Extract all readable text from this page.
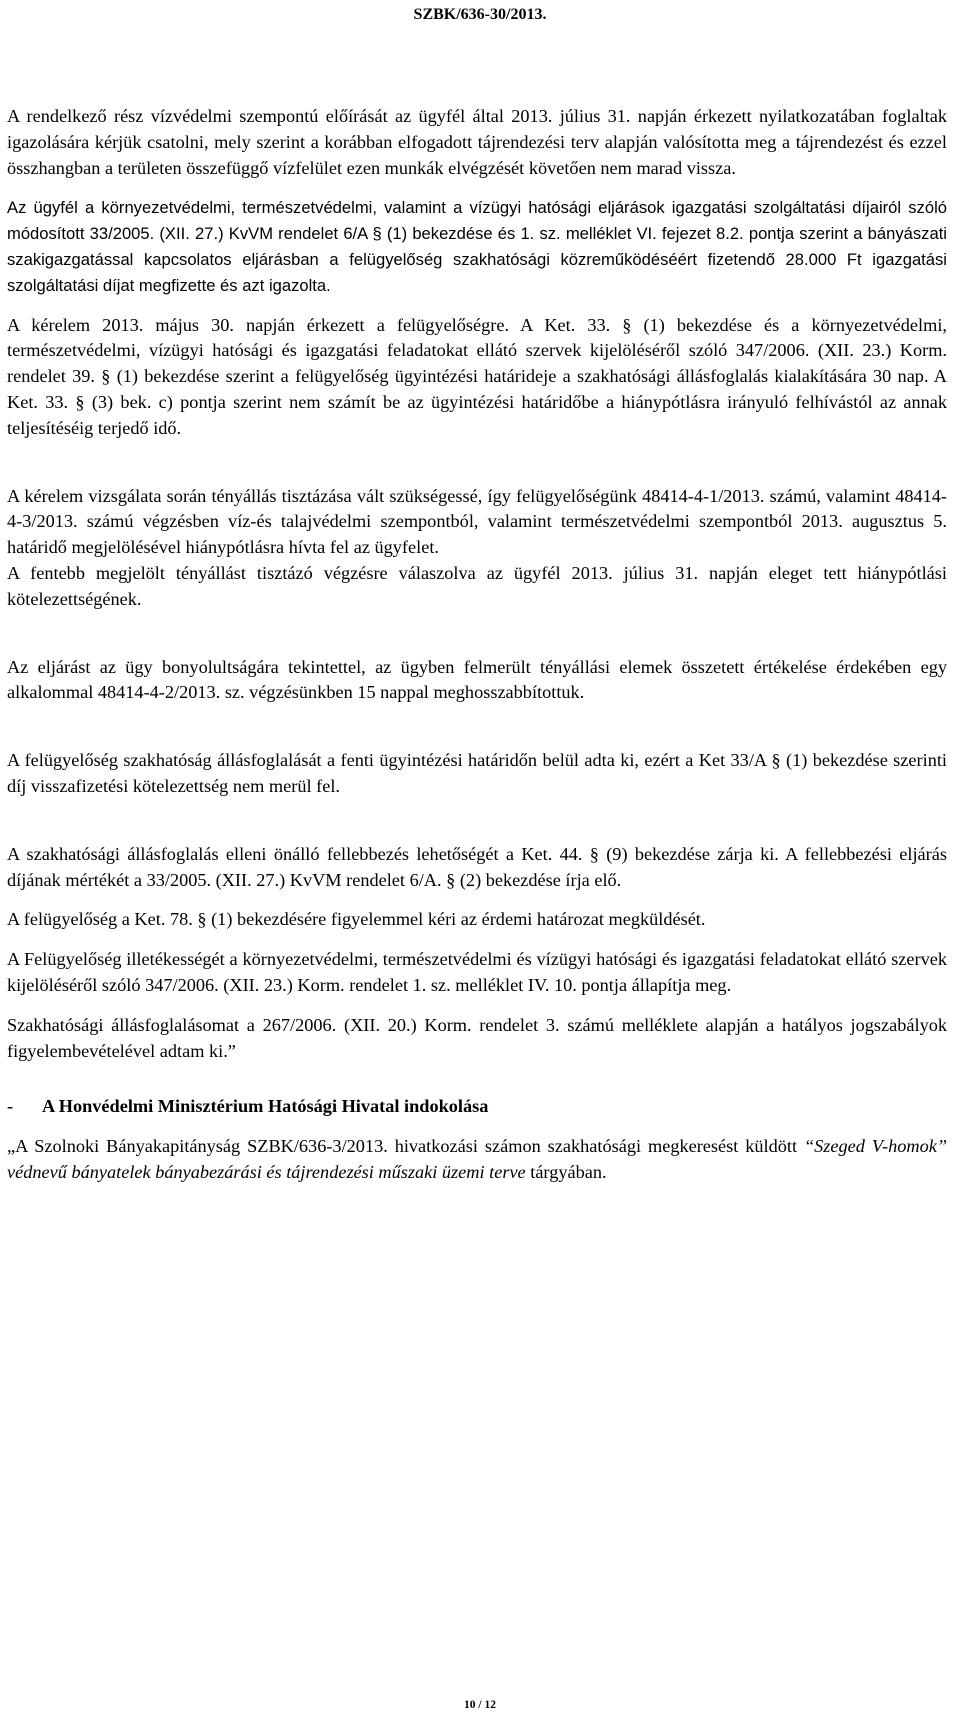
SZBK/636-30/2013.

A rendelkező rész vízvédelmi szempontú előírását az ügyfél által 2013. július 31. napján érkezett nyilatkozatában foglaltak igazolására kérjük csatolni, mely szerint a korábban elfogadott tájrendezési terv alapján valósította meg a tájrendezést és ezzel összhangban a területen összefüggő vízfelület ezen munkák elvégzését követően nem marad vissza.

Az ügyfél a környezetvédelmi, természetvédelmi, valamint a vízügyi hatósági eljárások igazgatási szolgáltatási díjairól szóló módosított 33/2005. (XII. 27.) KvVM rendelet 6/A § (1) bekezdése és 1. sz. melléklet VI. fejezet 8.2. pontja szerint a bányászati szakigazgatással kapcsolatos eljárásban a felügyelőség szakhatósági közreműködéséért fizetendő 28.000 Ft igazgatási szolgáltatási díjat megfizette és azt igazolta.

A kérelem 2013. május 30. napján érkezett a felügyelőségre. A Ket. 33. § (1) bekezdése és a környezetvédelmi, természetvédelmi, vízügyi hatósági és igazgatási feladatokat ellátó szervek kijelöléséről szóló 347/2006. (XII. 23.) Korm. rendelet 39. § (1) bekezdése szerint a felügyelőség ügyintézési határideje a szakhatósági állásfoglalás kialakítására 30 nap. A Ket. 33. § (3) bek. c) pontja szerint nem számít be az ügyintézési határidőbe a hiánypótlásra irányuló felhívástól az annak teljesítéséig terjedő idő.

A kérelem vizsgálata során tényállás tisztázása vált szükségessé, így felügyelőségünk 48414-4-1/2013. számú, valamint 48414-4-3/2013. számú végzésben víz-és talajvédelmi szempontból, valamint természetvédelmi szempontból 2013. augusztus 5. határidő megjelölésével hiánypótlásra hívta fel az ügyfelet.

A fentebb megjelölt tényállást tisztázó végzésre válaszolva az ügyfél 2013. július 31. napján eleget tett hiánypótlási kötelezettségének.

Az eljárást az ügy bonyolultságára tekintettel, az ügyben felmerült tényállási elemek összetett értékelése érdekében egy alkalommal 48414-4-2/2013. sz. végzésünkben 15 nappal meghosszabbítottuk.

A felügyelőség szakhatóság állásfoglalását a fenti ügyintézési határidőn belül adta ki, ezért a Ket 33/A § (1) bekezdése szerinti díj visszafizetési kötelezettség nem merül fel.

A szakhatósági állásfoglalás elleni önálló fellebbezés lehetőségét a Ket. 44. § (9) bekezdése zárja ki. A fellebbezési eljárás díjának mértékét a 33/2005. (XII. 27.) KvVM rendelet 6/A. § (2) bekezdése írja elő.

A felügyelőség a Ket. 78. § (1) bekezdésére figyelemmel kéri az érdemi határozat megküldését.

A Felügyelőség illetékességét a környezetvédelmi, természetvédelmi és vízügyi hatósági és igazgatási feladatokat ellátó szervek kijelöléséről szóló 347/2006. (XII. 23.) Korm. rendelet 1. sz. melléklet IV. 10. pontja állapítja meg.

Szakhatósági állásfoglalásomat a 267/2006. (XII. 20.) Korm. rendelet 3. számú melléklete alapján a hatályos jogszabályok figyelembevételével adtam ki.”

- A Honvédelmi Minisztérium Hatósági Hivatal indokolása

„A Szolnoki Bányakapitányság SZBK/636-3/2013. hivatkozási számon szakhatósági megkeresést küldött “Szeged V-homok” védnevű bányatelek bányabezárási és tájrendezési műszaki üzemi terve tárgyában.

10 / 12
